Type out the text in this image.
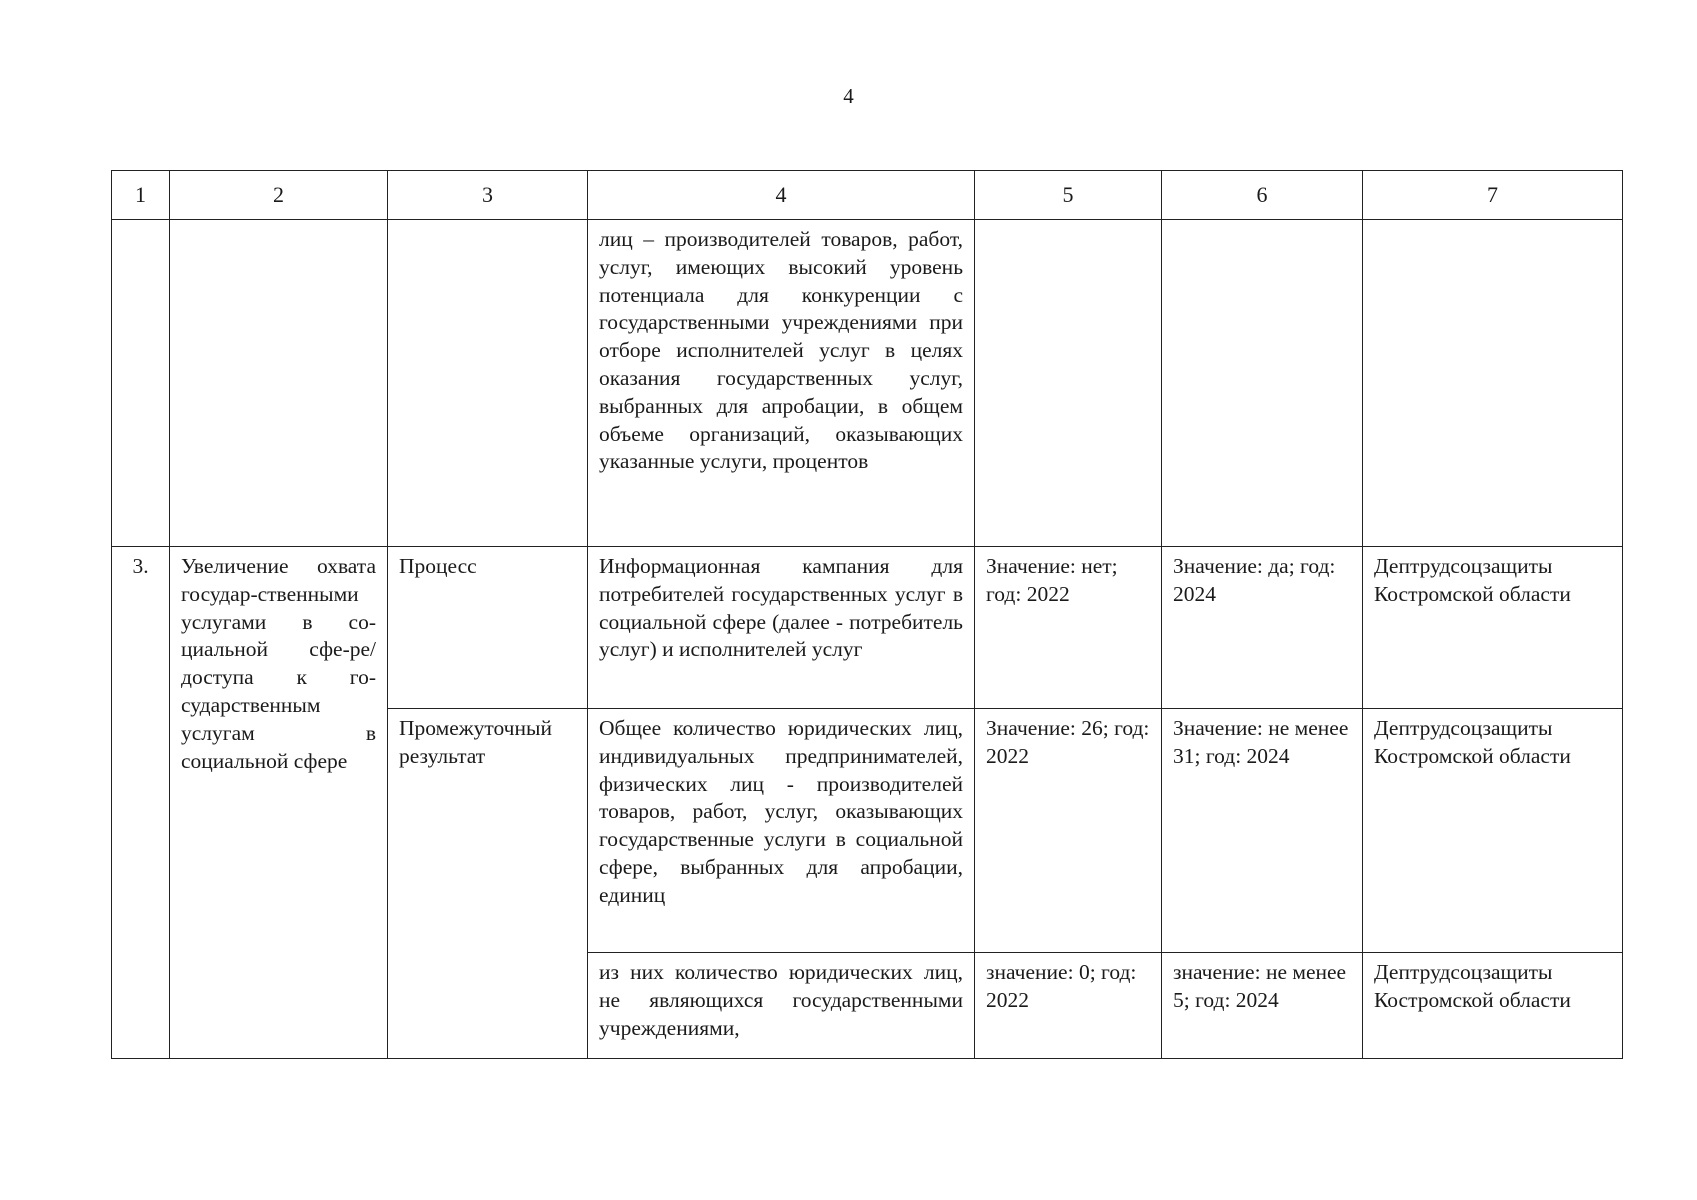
4
1	2	3	4	5	6	7
			лиц – производителей товаров, работ, услуг, имеющих высокий уровень потенциала для конкуренции с государственными учреждениями при отборе исполнителей услуг в целях оказания государственных услуг, выбранных для апробации, в общем объеме организаций, оказывающих указанные услуги, процентов			
3.	Увеличение охвата государ-ственными услугами в со-циальной сфе-ре/доступа к го-сударственным услугам в социальной сфере	Процесс	Информационная кампания для потребителей государственных услуг в социальной сфере (далее - потребитель услуг) и исполнителей услуг	Значение: нет; год: 2022	Значение: да; год: 2024	Дептрудсоцзащиты Костромской области
		Промежуточный результат	Общее количество юридических лиц, индивидуальных предпринимателей, физических лиц - производителей товаров, работ, услуг, оказывающих государственные услуги в социальной сфере, выбранных для апробации, единиц	Значение: 26; год: 2022	Значение: не менее 31; год: 2024	Дептрудсоцзащиты Костромской области
			из них количество юридических лиц, не являющихся государственными учреждениями,	значение: 0; год: 2022	значение: не менее 5; год: 2024	Дептрудсоцзащиты Костромской области
